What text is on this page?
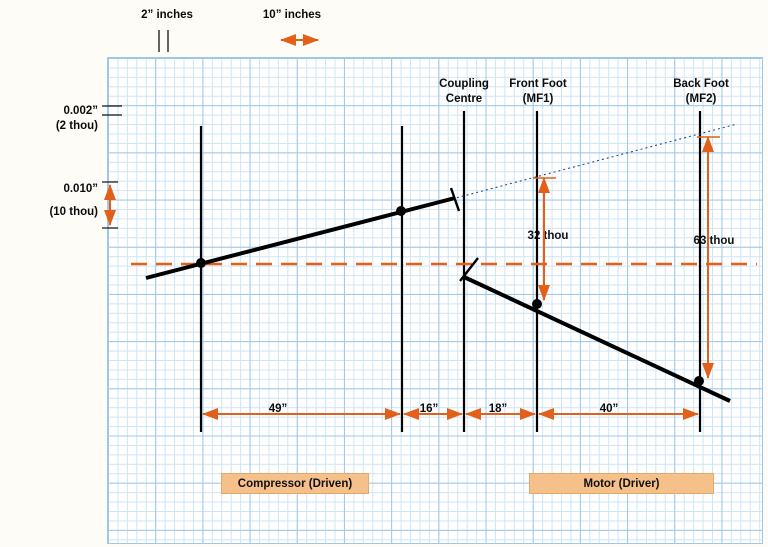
2” inches	10” inches
Coupling
Centre
Front Foot
(MF1)
Back Foot
(MF2)
0.002”
(2 thou)
0.010”
(10 thou)
32 thou	63 thou
49”	16”	18”	40”
Compressor (Driven)	Motor (Driver)
